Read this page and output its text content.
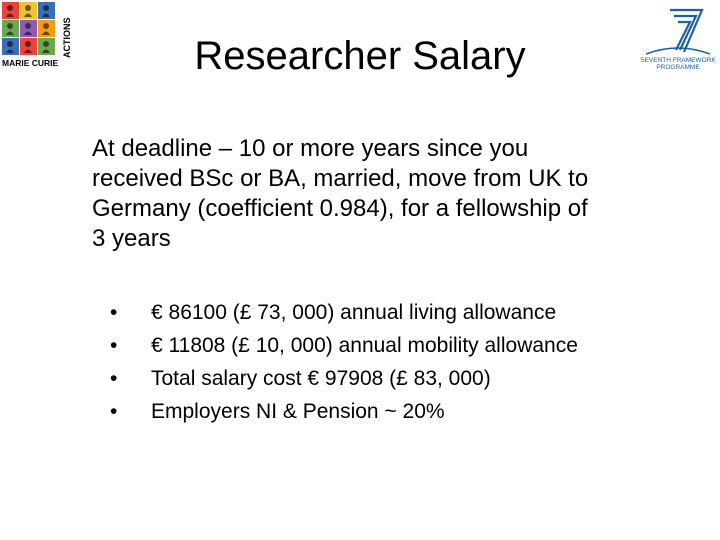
MARIE CURIE
ACTIONS
SEVENTH FRAMEWORK
PROGRAMME
Researcher Salary
At deadline – 10 or more years since you
received BSc or BA, married, move from UK to
Germany (coefficient 0.984), for a fellowship of
3 years
•	€ 86100 (£ 73, 000) annual living allowance
•	€ 11808 (£ 10, 000) annual mobility allowance
•	Total salary cost € 97908 (£ 83, 000)
•	Employers NI & Pension ~ 20%
